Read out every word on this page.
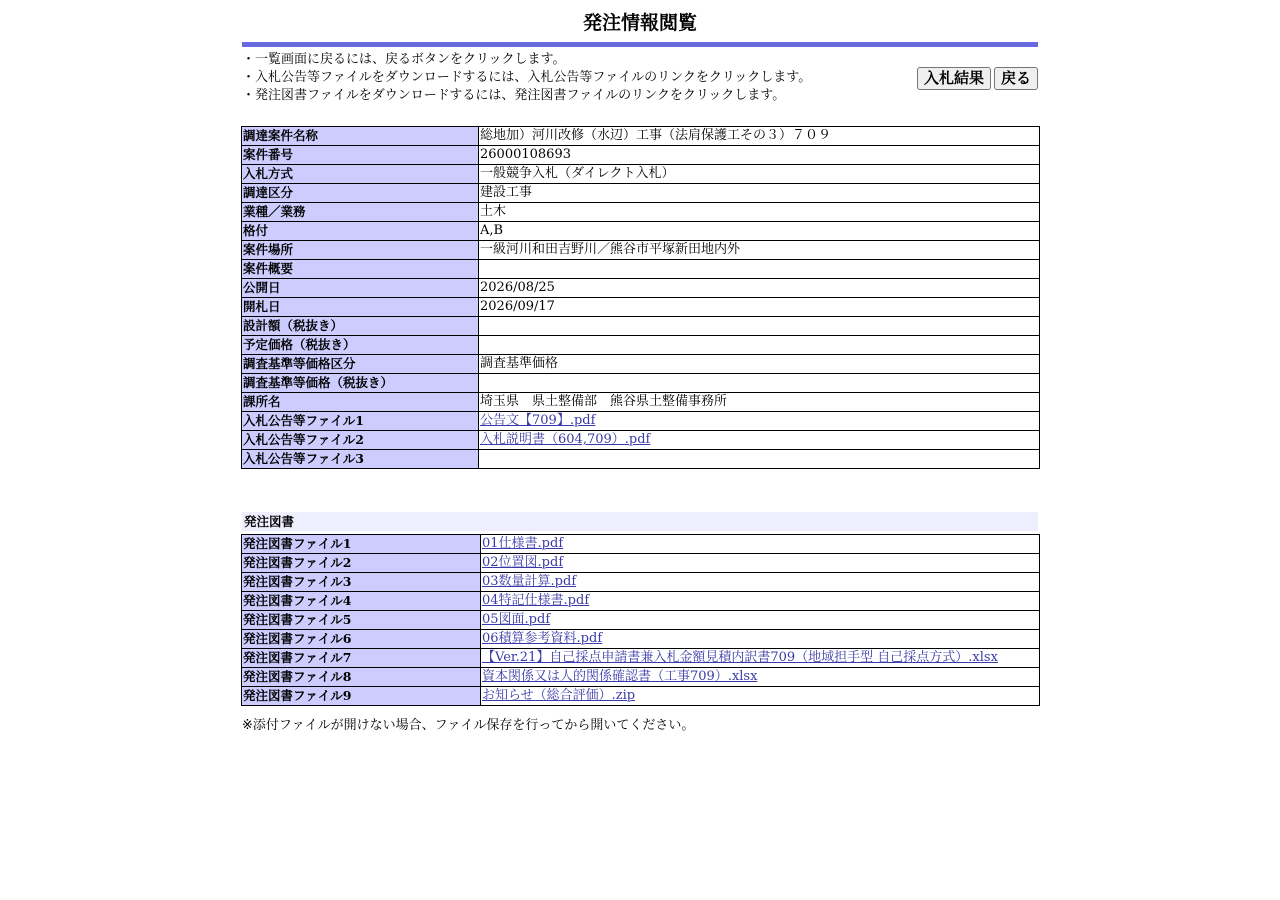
発注情報閲覧
・一覧画面に戻るには、戻るボタンをクリックします。
・入札公告等ファイルをダウンロードするには、入札公告等ファイルのリンクをクリックします。
・発注図書ファイルをダウンロードするには、発注図書ファイルのリンクをクリックします。
入札結果	戻る
調達案件名称	総地加）河川改修（水辺）工事（法肩保護工その３）７０９
案件番号	26000108693
入札方式	一般競争入札（ダイレクト入札）
調達区分	建設工事
業種／業務	土木
格付	A,B
案件場所	一級河川和田吉野川／熊谷市平塚新田地内外
案件概要	
公開日	2026/08/25
開札日	2026/09/17
設計額（税抜き）	
予定価格（税抜き）	
調査基準等価格区分	調査基準価格
調査基準等価格（税抜き）	
課所名	埼玉県　県土整備部　熊谷県土整備事務所
入札公告等ファイル1	公告文【709】.pdf
入札公告等ファイル2	入札説明書（604,709）.pdf
入札公告等ファイル3	
発注図書
発注図書ファイル1	01仕様書.pdf
発注図書ファイル2	02位置図.pdf
発注図書ファイル3	03数量計算.pdf
発注図書ファイル4	04特記仕様書.pdf
発注図書ファイル5	05図面.pdf
発注図書ファイル6	06積算参考資料.pdf
発注図書ファイル7	【Ver.21】自己採点申請書兼入札金額見積内訳書709（地域担手型 自己採点方式）.xlsx
発注図書ファイル8	資本関係又は人的関係確認書（工事709）.xlsx
発注図書ファイル9	お知らせ（総合評価）.zip
※添付ファイルが開けない場合、ファイル保存を行ってから開いてください。
